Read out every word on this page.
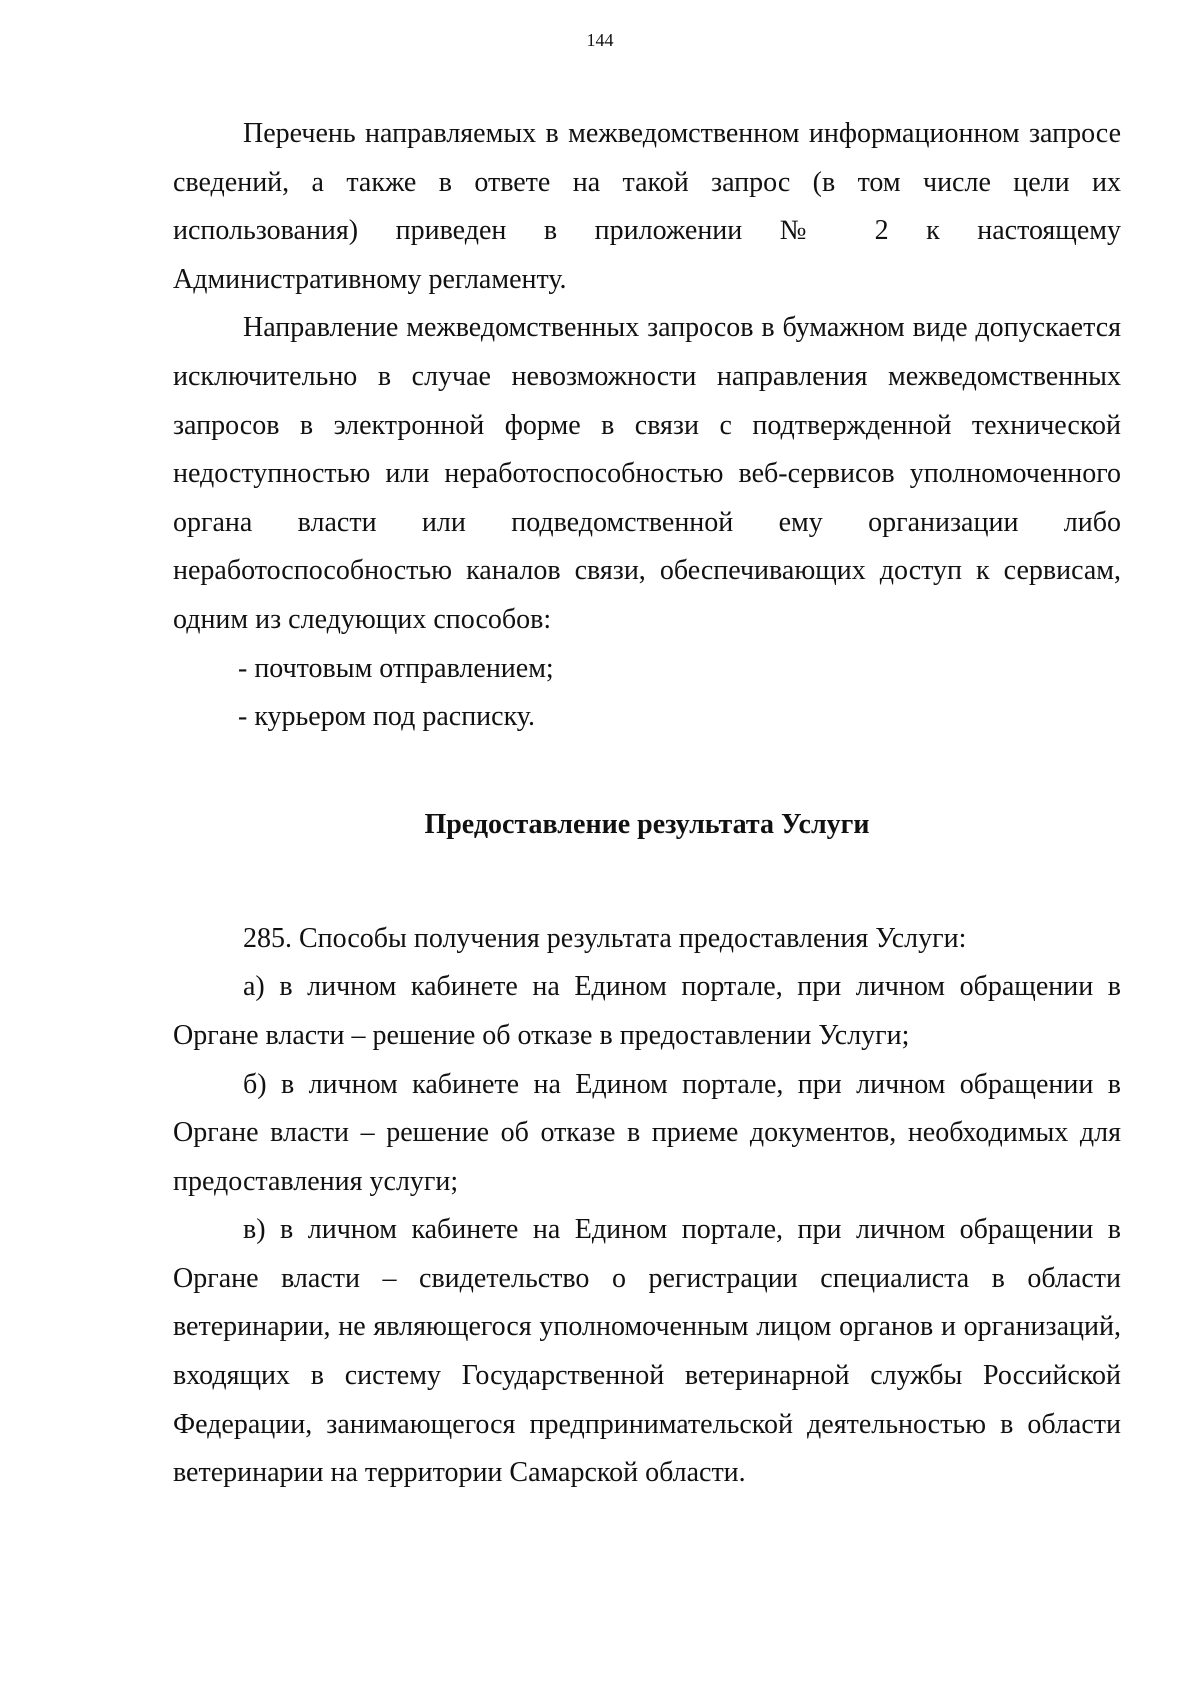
144

Перечень направляемых в межведомственном информационном запросе сведений, а также в ответе на такой запрос (в том числе цели их использования) приведен в приложении № 2 к настоящему Административному регламенту.

Направление межведомственных запросов в бумажном виде допускается исключительно в случае невозможности направления межведомственных запросов в электронной форме в связи с подтвержденной технической недоступностью или неработоспособностью веб-сервисов уполномоченного органа власти или подведомственной ему организации либо неработоспособностью каналов связи, обеспечивающих доступ к сервисам, одним из следующих способов:

- почтовым отправлением;

- курьером под расписку.

Предоставление результата Услуги

285. Способы получения результата предоставления Услуги:

а) в личном кабинете на Едином портале, при личном обращении в Органе власти – решение об отказе в предоставлении Услуги;

б) в личном кабинете на Едином портале, при личном обращении в Органе власти – решение об отказе в приеме документов, необходимых для предоставления услуги;

в) в личном кабинете на Едином портале, при личном обращении в Органе власти – свидетельство о регистрации специалиста в области ветеринарии, не являющегося уполномоченным лицом органов и организаций, входящих в систему Государственной ветеринарной службы Российской Федерации, занимающегося предпринимательской деятельностью в области ветеринарии на территории Самарской области.
